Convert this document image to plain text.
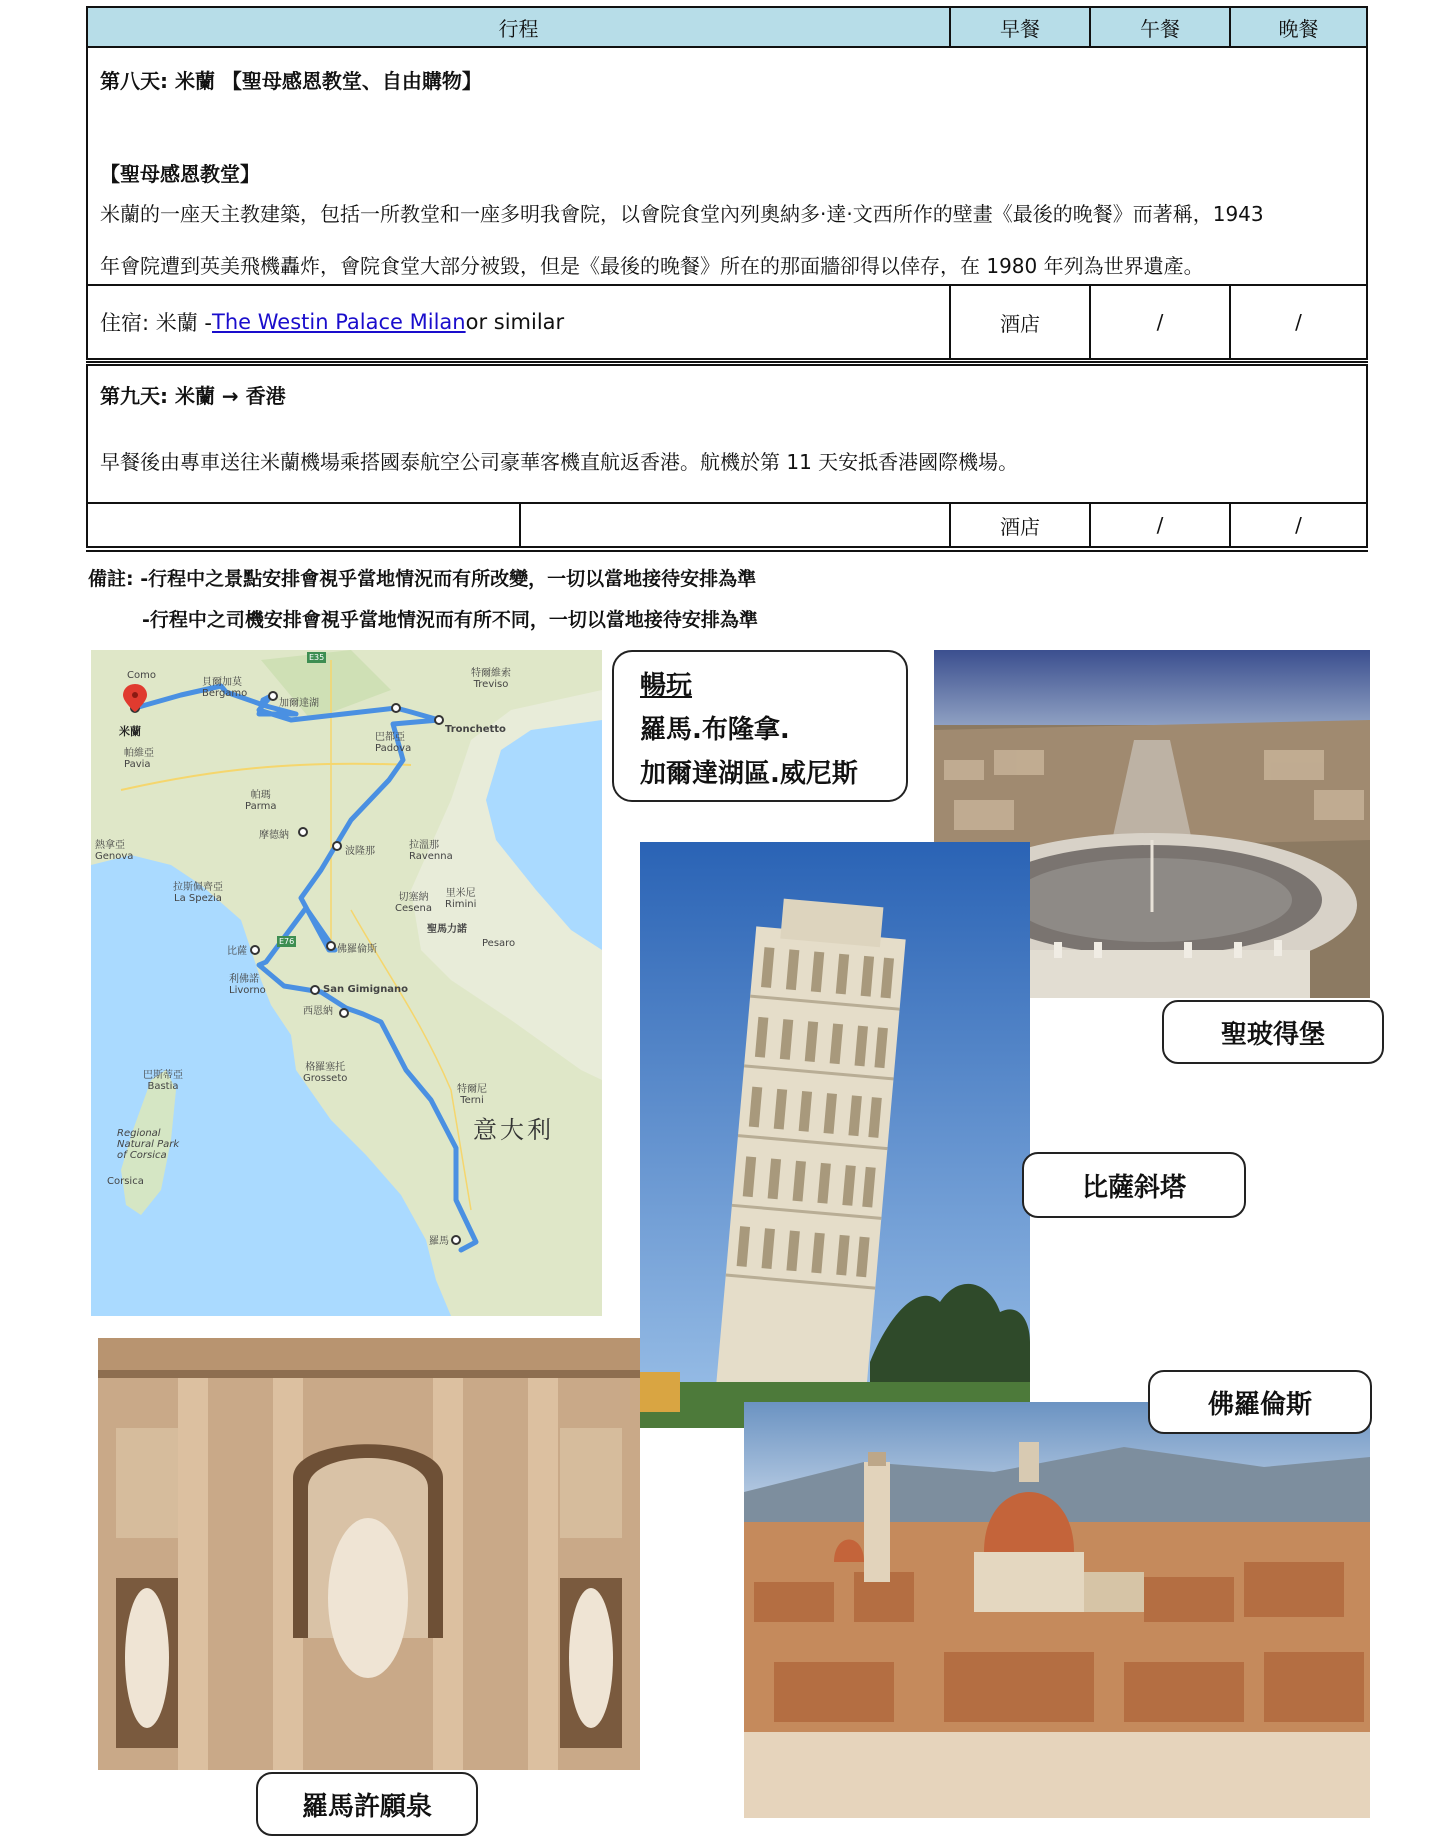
行程	早餐	午餐	晚餐
第八天: 米蘭 【聖母感恩教堂、自由購物】
【聖母感恩教堂】
米蘭的一座天主教建築，包括一所教堂和一座多明我會院，以會院食堂內列奧納多·達·文西所作的壁畫《最後的晚餐》而著稱，1943
年會院遭到英美飛機轟炸，會院食堂大部分被毀，但是《最後的晚餐》所在的那面牆卻得以倖存，在 1980 年列為世界遺產。
住宿: 米蘭 - The Westin Palace Milan or similar	酒店	/	/
第九天: 米蘭 → 香港
早餐後由專車送往米蘭機場乘搭國泰航空公司豪華客機直航返香港。航機於第 11 天安抵香港國際機場。
酒店	/	/
備註: -行程中之景點安排會視乎當地情況而有所改變，一切以當地接待安排為準
-行程中之司機安排會視乎當地情況而有所不同，一切以當地接待安排為準
米蘭
Como
貝爾加莫
Bergamo
加爾達湖
帕維亞
Pavia
特爾維索
Treviso
Tronchetto
巴都亞
Padova
帕瑪
Parma
摩德納
波隆那
拉溫那
Ravenna
熱拿亞
Genova
拉斯佩齊亞
La Spezia	切塞納
Cesena
里米尼
Rimini
聖馬力諾
Pesaro
佛羅倫斯
比薩
利佛諾
Livorno	San Gimignano
西恩納
格羅塞托
Grosseto
特爾尼
Terni
巴斯蒂亞
Bastia
Regional
Natural Park
of Corsica
Corsica
羅馬
E35
E76
意大利
暢玩
羅馬.布隆拿.
加爾達湖區.威尼斯
聖玻得堡
比薩斜塔
羅馬許願泉
佛羅倫斯
